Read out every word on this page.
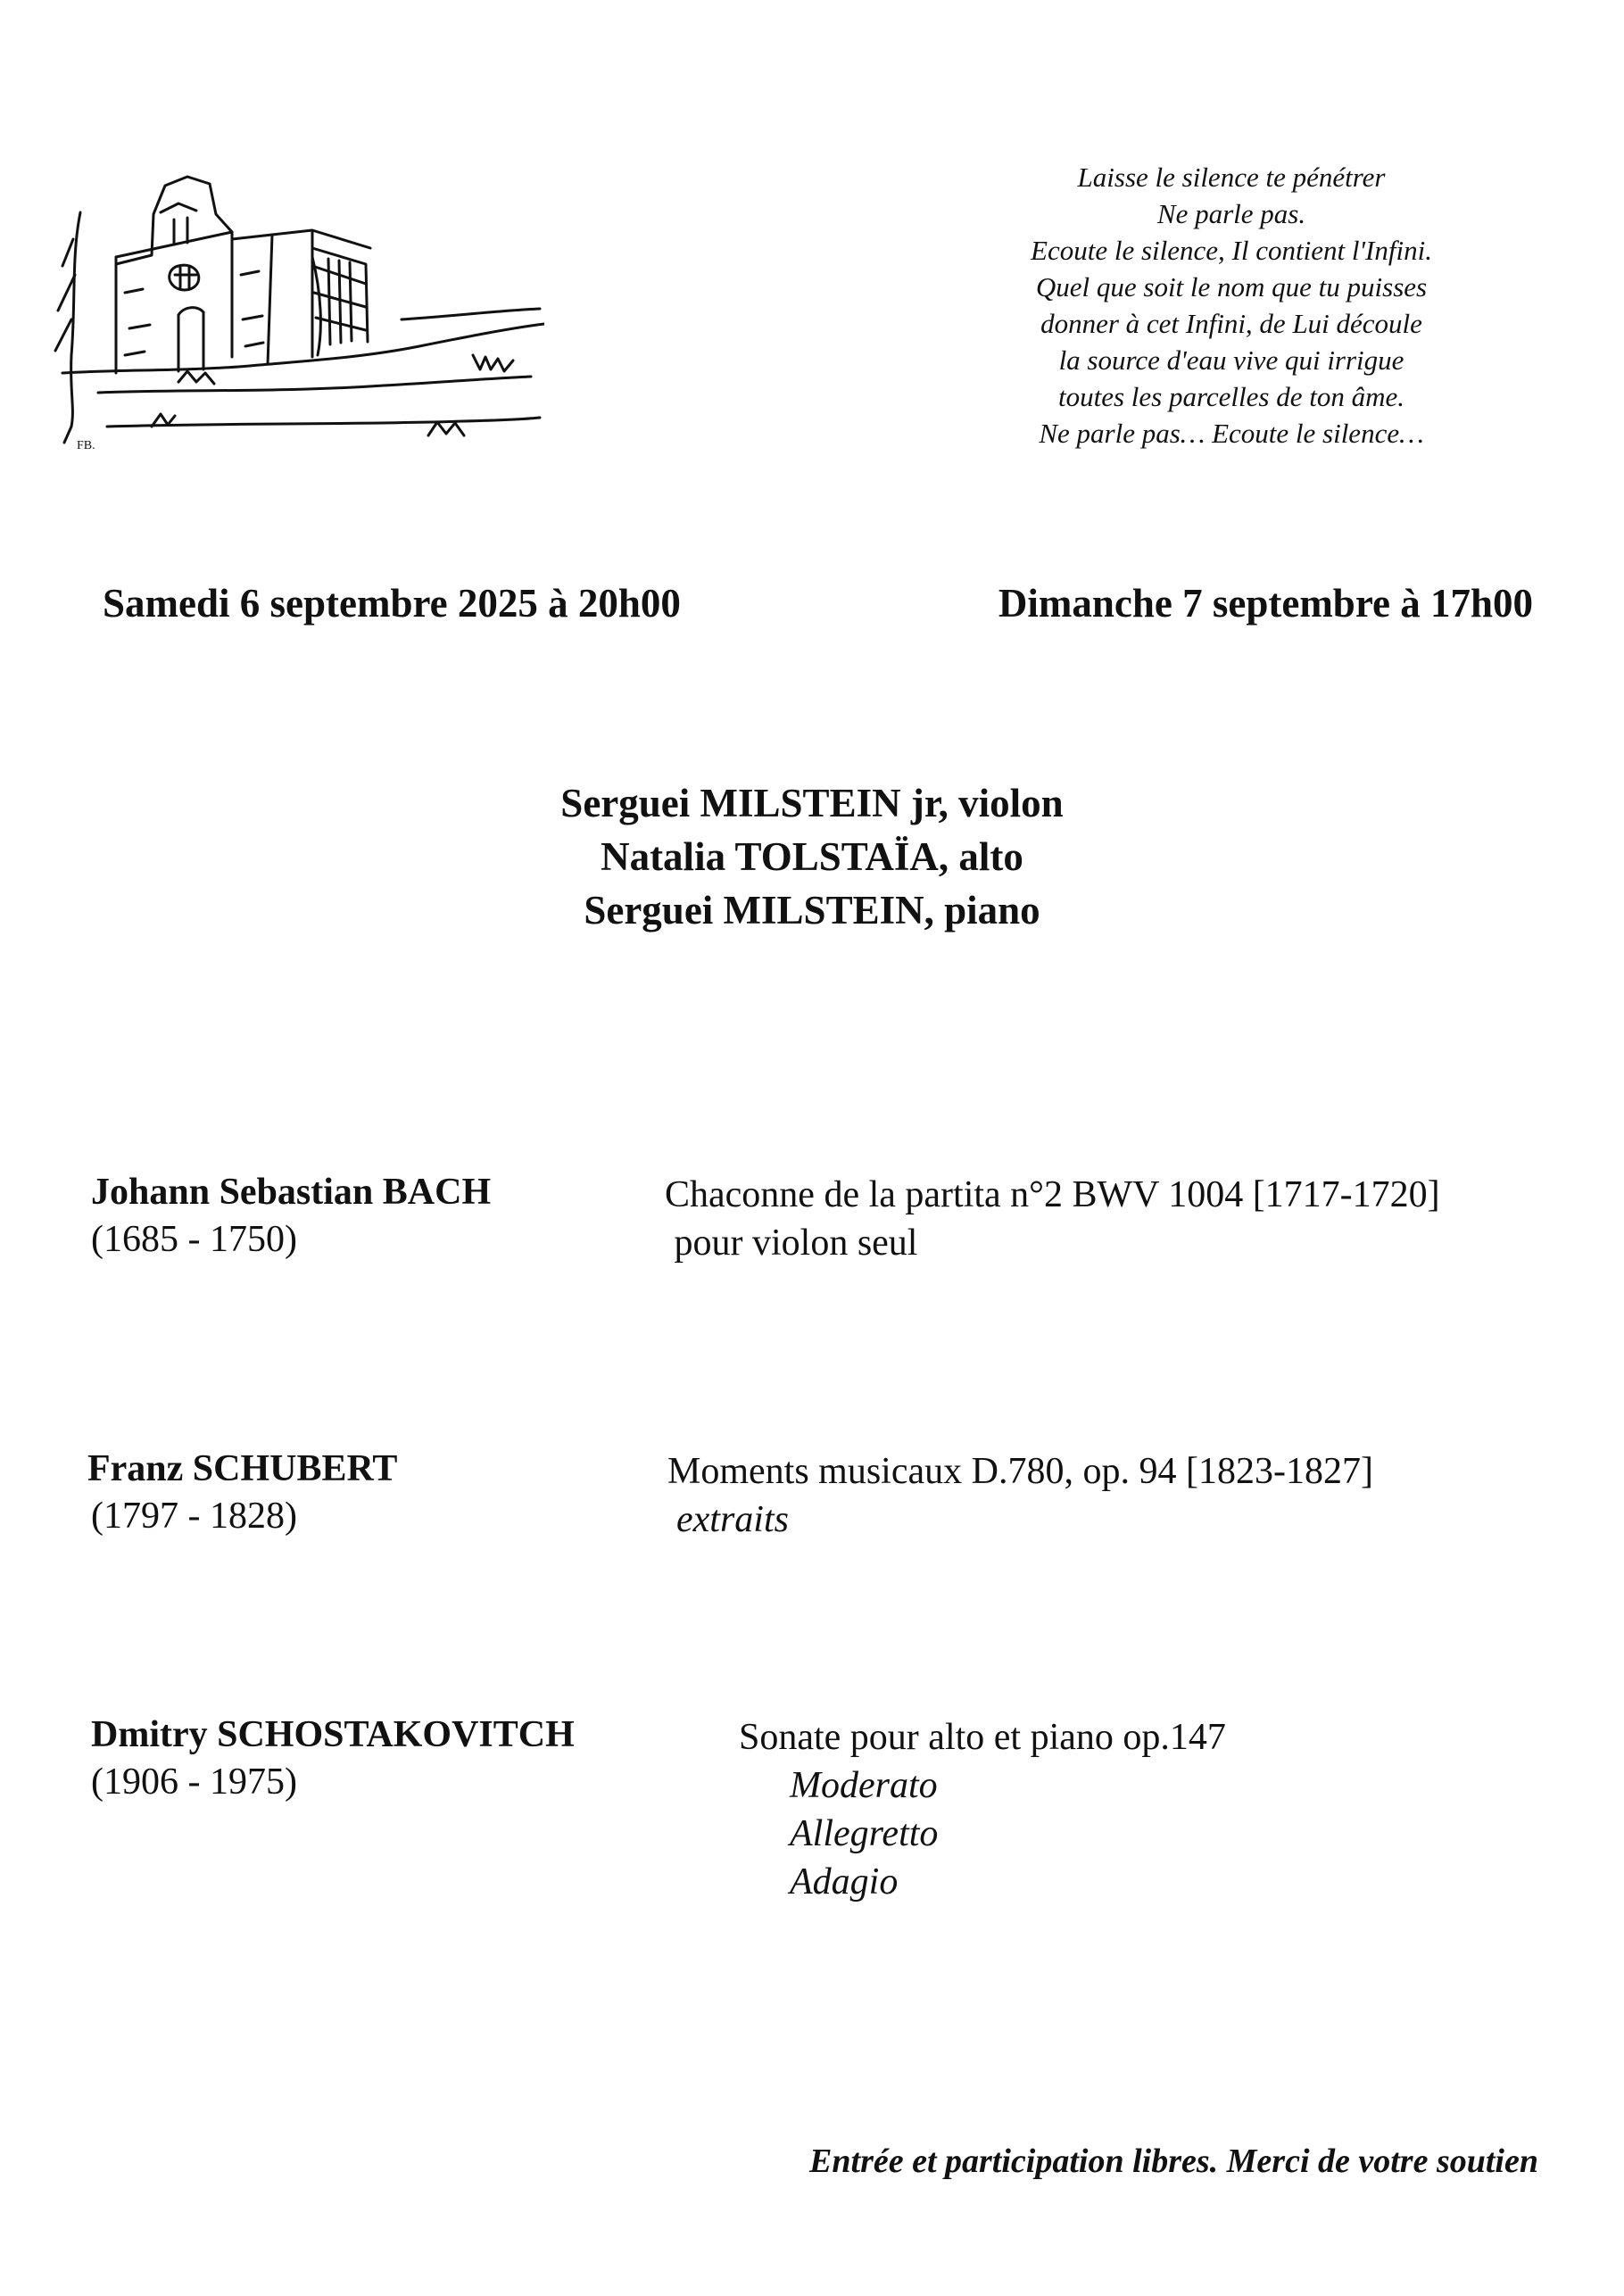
FB.
Laisse le silence te pénétrer
Ne parle pas.
Ecoute le silence, Il contient l'Infini.
Quel que soit le nom que tu puisses
donner à cet Infini, de Lui découle
la source d'eau vive qui irrigue
toutes les parcelles de ton âme.
Ne parle pas… Ecoute le silence…
Samedi 6 septembre 2025 à 20h00	Dimanche 7 septembre à 17h00
Serguei MILSTEIN jr, violon
Natalia TOLSTAÏA, alto
Serguei MILSTEIN, piano
Johann Sebastian BACH
(1685 - 1750)
Chaconne de la partita n°2 BWV 1004 [1717-1720]
pour violon seul
Franz SCHUBERT
(1797 - 1828)
Moments musicaux D.780, op. 94 [1823-1827]
extraits
Dmitry SCHOSTAKOVITCH
(1906 - 1975)
Sonate pour alto et piano op.147
Moderato
Allegretto
Adagio
Entrée et participation libres. Merci de votre soutien
